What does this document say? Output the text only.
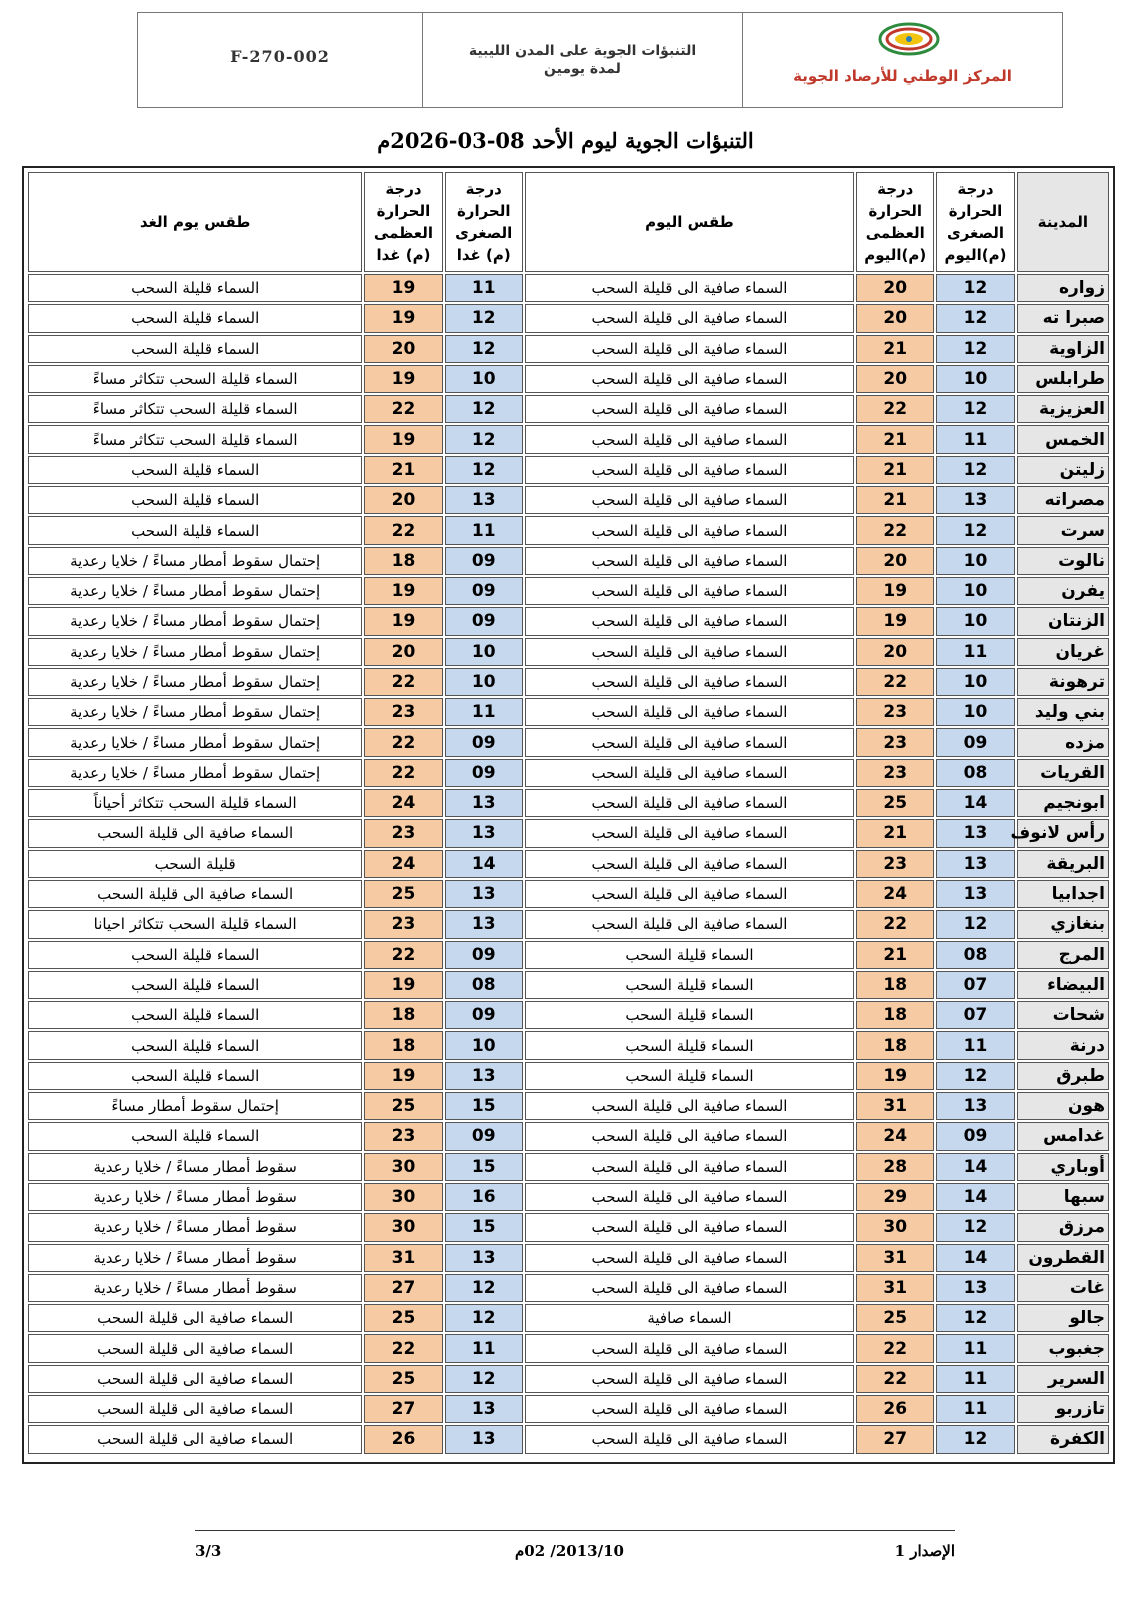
المركز الوطني للأرصاد الجوية
التنبؤات الجوية على المدن الليبية
لمدة يومين
F-270-002
التنبؤات الجوية ليوم الأحد 08-03-2026م
المدينة	درجة الحرارة الصغرى (م)اليوم	درجة الحرارة العظمى (م)اليوم	طقس اليوم	درجة الحرارة الصغرى (م) غدا	درجة الحرارة العظمى (م) غدا	طقس يوم الغد
زواره	12	20	السماء صافية الى قليلة السحب	11	19	السماء قليلة السحب
صبرا ته	12	20	السماء صافية الى قليلة السحب	12	19	السماء قليلة السحب
الزاوية	12	21	السماء صافية الى قليلة السحب	12	20	السماء قليلة السحب
طرابلس	10	20	السماء صافية الى قليلة السحب	10	19	السماء قليلة السحب تتكاثر مساءً
العزيزية	12	22	السماء صافية الى قليلة السحب	12	22	السماء قليلة السحب تتكاثر مساءً
الخمس	11	21	السماء صافية الى قليلة السحب	12	19	السماء قليلة السحب تتكاثر مساءً
زليتن	12	21	السماء صافية الى قليلة السحب	12	21	السماء قليلة السحب
مصراته	13	21	السماء صافية الى قليلة السحب	13	20	السماء قليلة السحب
سرت	12	22	السماء صافية الى قليلة السحب	11	22	السماء قليلة السحب
نالوت	10	20	السماء صافية الى قليلة السحب	09	18	إحتمال سقوط أمطار مساءً / خلايا رعدية
يفرن	10	19	السماء صافية الى قليلة السحب	09	19	إحتمال سقوط أمطار مساءً / خلايا رعدية
الزنتان	10	19	السماء صافية الى قليلة السحب	09	19	إحتمال سقوط أمطار مساءً / خلايا رعدية
غريان	11	20	السماء صافية الى قليلة السحب	10	20	إحتمال سقوط أمطار مساءً / خلايا رعدية
ترهونة	10	22	السماء صافية الى قليلة السحب	10	22	إحتمال سقوط أمطار مساءً / خلايا رعدية
بني وليد	10	23	السماء صافية الى قليلة السحب	11	23	إحتمال سقوط أمطار مساءً / خلايا رعدية
مزده	09	23	السماء صافية الى قليلة السحب	09	22	إحتمال سقوط أمطار مساءً / خلايا رعدية
القريات	08	23	السماء صافية الى قليلة السحب	09	22	إحتمال سقوط أمطار مساءً / خلايا رعدية
ابونجيم	14	25	السماء صافية الى قليلة السحب	13	24	السماء قليلة السحب تتكاثر أحياناً
رأس لانوف	13	21	السماء صافية الى قليلة السحب	13	23	السماء صافية الى قليلة السحب
البريقة	13	23	السماء صافية الى قليلة السحب	14	24	قليلة السحب
اجدابيا	13	24	السماء صافية الى قليلة السحب	13	25	السماء صافية الى قليلة السحب
بنغازي	12	22	السماء صافية الى قليلة السحب	13	23	السماء قليلة السحب تتكاثر احيانا
المرج	08	21	السماء قليلة السحب	09	22	السماء قليلة السحب
البيضاء	07	18	السماء قليلة السحب	08	19	السماء قليلة السحب
شحات	07	18	السماء قليلة السحب	09	18	السماء قليلة السحب
درنة	11	18	السماء قليلة السحب	10	18	السماء قليلة السحب
طبرق	12	19	السماء قليلة السحب	13	19	السماء قليلة السحب
هون	13	31	السماء صافية الى قليلة السحب	15	25	إحتمال سقوط أمطار مساءً
غدامس	09	24	السماء صافية الى قليلة السحب	09	23	السماء قليلة السحب
أوباري	14	28	السماء صافية الى قليلة السحب	15	30	سقوط أمطار مساءً / خلايا رعدية
سبها	14	29	السماء صافية الى قليلة السحب	16	30	سقوط أمطار مساءً / خلايا رعدية
مرزق	12	30	السماء صافية الى قليلة السحب	15	30	سقوط أمطار مساءً / خلايا رعدية
القطرون	14	31	السماء صافية الى قليلة السحب	13	31	سقوط أمطار مساءً / خلايا رعدية
غات	13	31	السماء صافية الى قليلة السحب	12	27	سقوط أمطار مساءً / خلايا رعدية
جالو	12	25	السماء صافية	12	25	السماء صافية الى قليلة السحب
جغبوب	11	22	السماء صافية الى قليلة السحب	11	22	السماء صافية الى قليلة السحب
السرير	11	22	السماء صافية الى قليلة السحب	12	25	السماء صافية الى قليلة السحب
تازربو	11	26	السماء صافية الى قليلة السحب	13	27	السماء صافية الى قليلة السحب
الكفرة	12	27	السماء صافية الى قليلة السحب	13	26	السماء صافية الى قليلة السحب
الإصدار 1
2013/10/ 02م
3/3
